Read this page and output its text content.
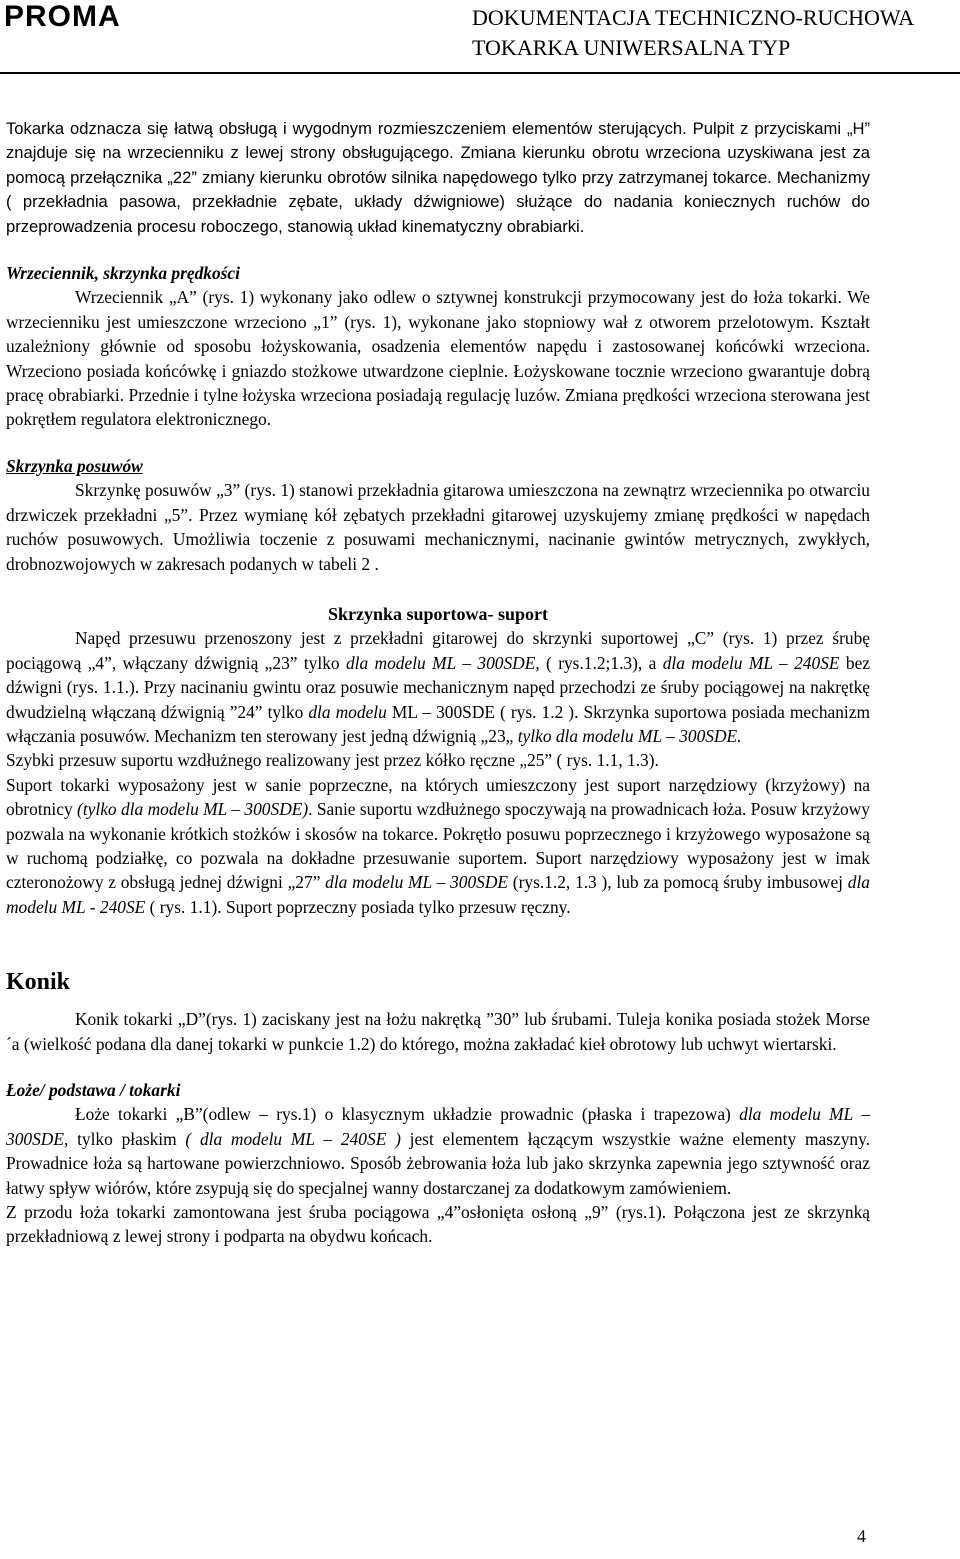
PROMA	DOKUMENTACJA TECHNICZNO-RUCHOWA
TOKARKA UNIWERSALNA TYP

Tokarka odznacza się łatwą obsługą i wygodnym rozmieszczeniem elementów sterujących. Pulpit z przyciskami „H” znajduje się na wrzecienniku z lewej strony obsługującego. Zmiana kierunku obrotu wrzeciona uzyskiwana jest za pomocą przełącznika „22” zmiany kierunku obrotów silnika napędowego tylko przy zatrzymanej tokarce. Mechanizmy ( przekładnia pasowa, przekładnie zębate, układy dźwigniowe) służące do nadania koniecznych ruchów do przeprowadzenia procesu roboczego, stanowią układ kinematyczny obrabiarki.

Wrzeciennik, skrzynka prędkości

Wrzeciennik „A” (rys. 1) wykonany jako odlew o sztywnej konstrukcji przymocowany jest do łoża tokarki. We wrzecienniku jest umieszczone wrzeciono „1” (rys. 1), wykonane jako stopniowy wał z otworem przelotowym. Kształt uzależniony głównie od sposobu łożyskowania, osadzenia elementów napędu i zastosowanej końcówki wrzeciona. Wrzeciono posiada końcówkę i gniazdo stożkowe utwardzone cieplnie. Łożyskowane tocznie wrzeciono gwarantuje dobrą pracę obrabiarki. Przednie i tylne łożyska wrzeciona posiadają regulację luzów. Zmiana prędkości wrzeciona sterowana jest pokrętłem regulatora elektronicznego.

Skrzynka posuwów

Skrzynkę posuwów „3” (rys. 1) stanowi przekładnia gitarowa umieszczona na zewnątrz wrzeciennika po otwarciu drzwiczek przekładni „5”. Przez wymianę kół zębatych przekładni gitarowej uzyskujemy zmianę prędkości w napędach ruchów posuwowych. Umożliwia toczenie z posuwami mechanicznymi, nacinanie gwintów metrycznych, zwykłych, drobnozwojowych w zakresach podanych w tabeli 2 .

Skrzynka suportowa- suport

Napęd przesuwu przenoszony jest z przekładni gitarowej do skrzynki suportowej „C” (rys. 1) przez śrubę pociągową „4”, włączany dźwignią „23” tylko dla modelu ML – 300SDE, ( rys.1.2;1.3), a dla modelu ML – 240SE bez dźwigni (rys. 1.1.). Przy nacinaniu gwintu oraz posuwie mechanicznym napęd przechodzi ze śruby pociągowej na nakrętkę dwudzielną włączaną dźwignią ”24” tylko dla modelu ML – 300SDE ( rys. 1.2 ). Skrzynka suportowa posiada mechanizm włączania posuwów. Mechanizm ten sterowany jest jedną dźwignią „23„ tylko dla modelu ML – 300SDE.

Szybki przesuw suportu wzdłużnego realizowany jest przez kółko ręczne „25” ( rys. 1.1, 1.3).

Suport tokarki wyposażony jest w sanie poprzeczne, na których umieszczony jest suport narzędziowy (krzyżowy) na obrotnicy (tylko dla modelu ML – 300SDE). Sanie suportu wzdłużnego spoczywają na prowadnicach łoża. Posuw krzyżowy pozwala na wykonanie krótkich stożków i skosów na tokarce. Pokrętło posuwu poprzecznego i krzyżowego wyposażone są w ruchomą podziałkę, co pozwala na dokładne przesuwanie suportem. Suport narzędziowy wyposażony jest w imak czteronożowy z obsługą jednej dźwigni „27” dla modelu ML – 300SDE (rys.1.2, 1.3 ), lub za pomocą śruby imbusowej dla modelu ML - 240SE ( rys. 1.1). Suport poprzeczny posiada tylko przesuw ręczny.

Konik

Konik tokarki „D”(rys. 1) zaciskany jest na łożu nakrętką ”30” lub śrubami. Tuleja konika posiada stożek Morse´a (wielkość podana dla danej tokarki w punkcie 1.2) do którego, można zakładać kieł obrotowy lub uchwyt wiertarski.

Łoże/ podstawa / tokarki

Łoże tokarki „B”(odlew – rys.1) o klasycznym układzie prowadnic (płaska i trapezowa) dla modelu ML – 300SDE, tylko płaskim ( dla modelu ML – 240SE ) jest elementem łączącym wszystkie ważne elementy maszyny. Prowadnice łoża są hartowane powierzchniowo. Sposób żebrowania łoża lub jako skrzynka zapewnia jego sztywność oraz łatwy spływ wiórów, które zsypują się do specjalnej wanny dostarczanej za dodatkowym zamówieniem.

Z przodu łoża tokarki zamontowana jest śruba pociągowa „4”osłonięta osłoną „9” (rys.1). Połączona jest ze skrzynką przekładniową z lewej strony i podparta na obydwu końcach.

4
